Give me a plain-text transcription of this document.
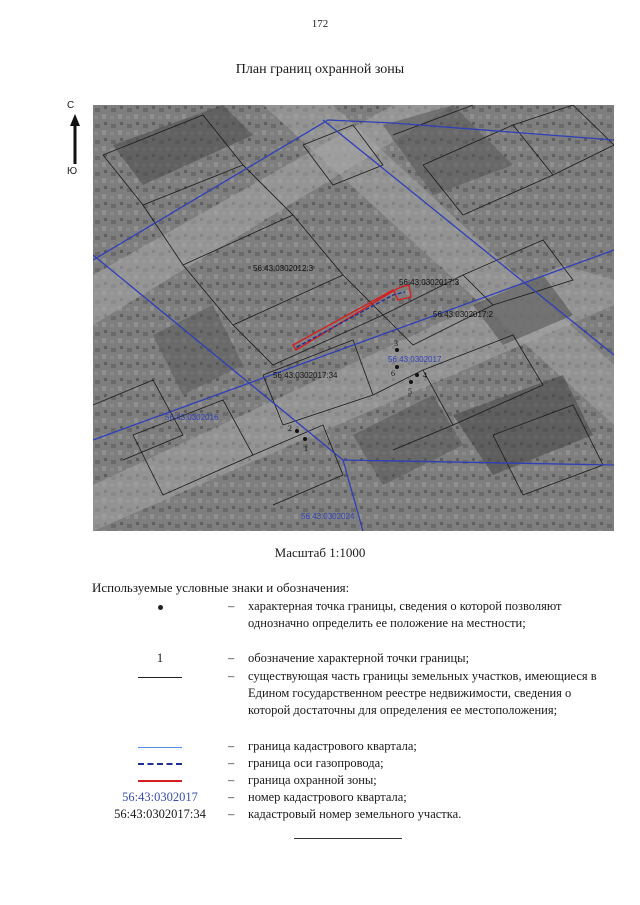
172
План границ охранной зоны
С
Ю
56:43:0302012:3
56:43:0302017:3
56:43:0302017:2
56:43:0302017:34
56:43:0302017
56:43:0302016
56:43:0302024
1
2
3
4
5
6
Масштаб 1:1000
Используемые условные знаки и обозначения:
– характерная точка границы, сведения о которой позволяют однозначно определить ее положение на местности;
1	– обозначение характерной точки границы;
– существующая часть границы земельных участков, имеющиеся в Едином государственном реестре недвижимости, сведения о которой достаточны для определения ее местоположения;
– граница кадастрового квартала;
– граница оси газопровода;
– граница охранной зоны;
56:43:0302017	– номер кадастрового квартала;
56:43:0302017:34	– кадастровый номер земельного участка.
